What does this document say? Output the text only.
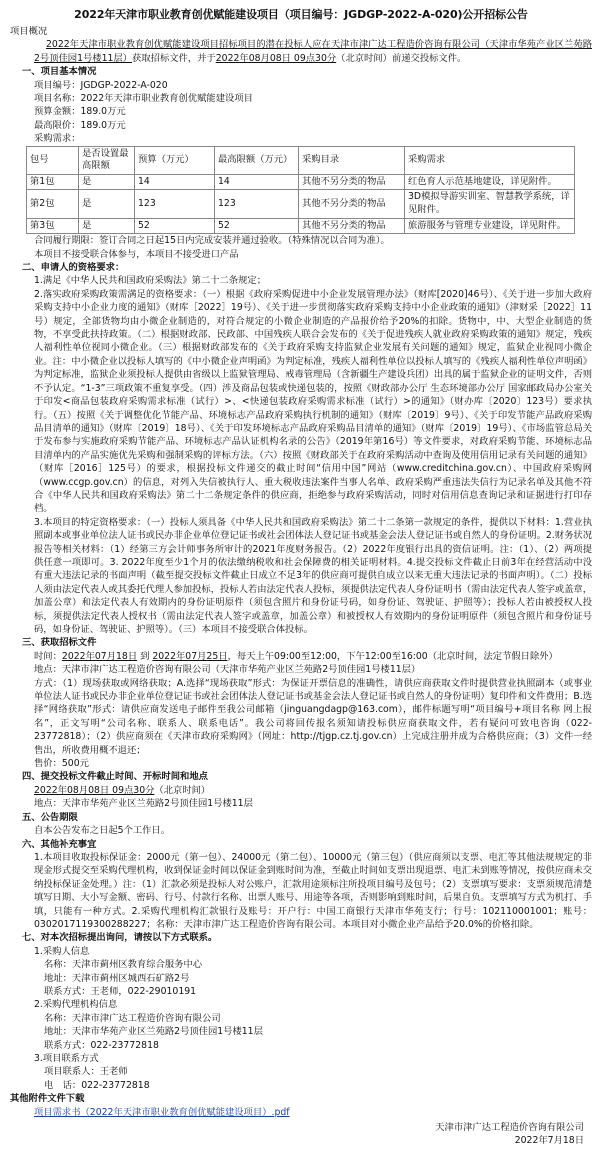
2022年天津市职业教育创优赋能建设项目（项目编号：JGDGP-2022-A-020)公开招标公告
项目概况

2022年天津市职业教育创优赋能建设项目招标项目的潜在投标人应在天津市津广达工程造价咨询有限公司（天津市华苑产业区兰苑路2号顶佳园1号楼11层）获取招标文件，并于2022年08月08日 09点30分（北京时间）前递交投标文件。

一、项目基本情况
项目编号：JGDGP-2022-A-020
项目名称：2022年天津市职业教育创优赋能建设项目
预算金额：189.0万元
最高限价：189.0万元
采购需求：
包号	是否设置最高限额	预算（万元）	最高限额（万元）	采购目录	采购需求
第1包	是	14	14	其他不另分类的物品	红色育人示范基地建设，详见附件。
第2包	是	123	123	其他不另分类的物品	3D模拟导游实训室、智慧教学系统，详见附件。
第3包	是	52	52	其他不另分类的物品	旅游服务与管理专业建设，详见附件。
合同履行期限：签订合同之日起15日内完成安装并通过验收。（特殊情况以合同为准）。
本项目不接受联合体参与，本项目不接受进口产品
二、申请人的资格要求：

1.满足《中华人民共和国政府采购法》第二十二条规定；
2.落实政府采购政策需满足的资格要求：（一）根据《政府采购促进中小企业发展管理办法》（财库[2020]46号）、《关于进一步加大政府采购支持中小企业力度的通知》（财库［2022］19号）、《关于进一步贯彻落实政府采购支持中小企业政策的通知》（津财采［2022］11号）规定，全部货物均由小微企业制造的，对符合规定的小微企业制造的产品报价给予20%的扣除。货物中，中、大型企业制造的货物，不享受此扶持政策。（二）根据财政部、民政部、中国残疾人联合会发布的《关于促进残疾人就业政府采购政策的通知》规定，残疾人福利性单位视同小微企业。（三）根据财政部发布的《关于政府采购支持监狱企业发展有关问题的通知》规定，监狱企业视同小微企业。注：中小微企业以投标人填写的《中小微企业声明函》为判定标准，残疾人福利性单位以投标人填写的《残疾人福利性单位声明函》为判定标准，监狱企业须投标人提供由省级以上监狱管理局、戒毒管理局（含新疆生产建设兵团）出具的属于监狱企业的证明文件，否则不予认定。“1-3”三项政策不重复享受。（四）涉及商品包装或快递包装的，按照《财政部办公厅 生态环境部办公厅 国家邮政局办公室关于印发<商品包装政府采购需求标准（试行）>、<快递包装政府采购需求标准（试行）>的通知》（财办库〔2020〕123号）要求执行。（五）按照《关于调整优化节能产品、环境标志产品政府采购执行机制的通知》（财库〔2019〕9号）、《关于印发节能产品政府采购品目清单的通知》（财库〔2019〕18号）、《关于印发环境标志产品政府采购品目清单的通知》（财库〔2019〕19号）、《市场监管总局关于发布参与实施政府采购节能产品、环境标志产品认证机构名录的公告》（2019年第16号）等文件要求，对政府采购节能、环境标志品目清单内的产品实施优先采购和强制采购的评标方法。（六）按照《财政部关于在政府采购活动中查询及使用信用记录有关问题的通知》（财库［2016］125号）的要求，根据投标文件递交的截止时间“信用中国”网站（www.creditchina.gov.cn）、中国政府采购网（www.ccgp.gov.cn）的信息，对列入失信被执行人、重大税收违法案件当事人名单、政府采购严重违法失信行为记录名单及其他不符合《中华人民共和国政府采购法》第二十二条规定条件的供应商，拒绝参与政府采购活动，同时对信用信息查询记录和证据进行打印存档。
3.本项目的特定资格要求：（一）投标人须具备《中华人民共和国政府采购法》第二十二条第一款规定的条件，提供以下材料：1.营业执照副本或事业单位法人证书或民办非企业单位登记证书或社会团体法人登记证书或基金会法人登记证书或自然人的身份证明。2.财务状况报告等相关材料：（1）经第三方会计师事务所审计的2021年度财务报告。（2）2022年度银行出具的资信证明。注：（1）、（2）两项提供任意一项即可。3. 2022年度至少1个月的依法缴纳税收和社会保障费的相关证明材料。4.提交投标文件截止日前3年在经营活动中没有重大违法记录的书面声明（截至提交投标文件截止日成立不足3年的供应商可提供自成立以来无重大违法记录的书面声明）。（二）投标人须由法定代表人或其委托代理人参加投标，投标人若由法定代表人投标，须提供法定代表人身份证明书（需由法定代表人签字或盖章，加盖公章）和法定代表人有效期内的身份证明原件（须包含照片和身份证号码，如身份证、驾驶证、护照等）；投标人若由被授权人投标，须提供法定代表人授权书（需由法定代表人签字或盖章，加盖公章）和被授权人有效期内的身份证明原件（须包含照片和身份证号码，如身份证、驾驶证、护照等）。（三）本项目不接受联合体投标。

三、获取招标文件

时间：2022年07月18日 到 2022年07月25日，每天上午09:00至12:00，下午12:00至16:00（北京时间，法定节假日除外）

地点：天津市津广达工程造价咨询有限公司（天津市华苑产业区兰苑路2号顶佳园1号楼11层）

方式：（1）现场获取或网络获取；A.选择“现场获取”形式：为保证开票信息的准确性，请供应商获取文件时提供营业执照副本（或事业单位法人证书或民办非企业单位登记证书或社会团体法人登记证书或基金会法人登记证书或自然人的身份证明）复印件和文件费用；B.选择“网络获取”形式：请供应商发送电子邮件至我公司邮箱（jinguangdagp@163.com），邮件标题写明“项目编号+项目名称 网上报名”，正文写明“公司名称、联系人、联系电话”。我公司将回传报名须知请投标供应商获取文件，若有疑问可致电咨询（022-23772818）；（2）供应商须在《天津市政府采购网》（网址：http://tjgp.cz.tj.gov.cn）上完成注册并成为合格供应商；（3）文件一经售出，所收费用概不退还；

售价：500元

四、提交投标文件截止时间、开标时间和地点

2022年08月08日 09点30分（北京时间）

地点：天津市华苑产业区兰苑路2号顶佳园1号楼11层

五、公告期限

自本公告发布之日起5个工作日。

六、其他补充事宜

1.本项目收取投标保证金：2000元（第一包）、24000元（第二包）、10000元（第三包）（供应商须以支票、电汇等其他法规规定的非现金形式提交至采购代理机构，收到保证金时间以保证金到账时间为准，至截止时间如支票出现退票、电汇未到账等情况，按供应商未交纳投标保证金处理。）注：（1）汇款必须是投标人对公账户，汇款用途须标注所投项目编号及包号；（2）支票填写要求：支票须规范清楚填写日期、大小写金额、密码、行号、付款行名称、出票人账号、用途等各项，否则影响到账时间，后果自负。支票填写方式为机打、手填，只能有一种方式。2.采购代理机构汇款银行及账号：开户行：中国工商银行天津市华苑支行；行号：102110001001；账号：0302017119300288227；名称：天津市津广达工程造价咨询有限公司。本项目对小微企业产品给予20.0%的价格扣除。

七、对本次招标提出询问，请按以下方式联系。
1.采购人信息
名称：天津市蓟州区教育综合服务中心
地址：天津市蓟州区城西石矿路2号
联系方式：王老师，022-29010191
2.采购代理机构信息
名称：天津市津广达工程造价咨询有限公司
地址：天津市华苑产业区兰苑路2号顶佳园1号楼11层
联系方式：022-23772818
3.项目联系方式
项目联系人：王老师
电　话：022-23772818
其他附件文件下载
项目需求书（2022年天津市职业教育创优赋能建设项目）.pdf
天津市津广达工程造价咨询有限公司
2022年7月18日
